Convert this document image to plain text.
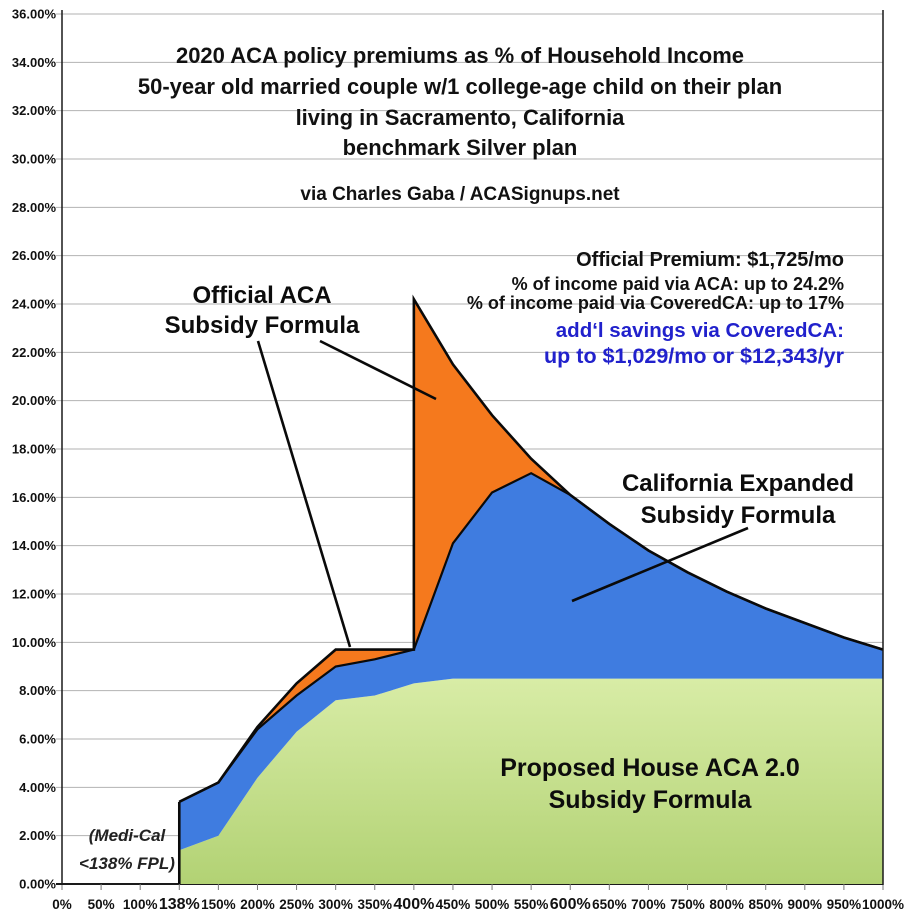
0.00%
2.00%
4.00%
6.00%
8.00%
10.00%
12.00%
14.00%
16.00%
18.00%
20.00%
22.00%
24.00%
26.00%
28.00%
30.00%
32.00%
34.00%
36.00%
0% 50% 100% 138% 150% 200% 250% 300% 350% 400% 450% 500% 550% 600% 650% 700% 750% 800% 850% 900% 950% 1000%
2020 ACA policy premiums as % of Household Income
50-year old married couple w/1 college-age child on their plan
living in Sacramento, California
benchmark Silver plan
via Charles Gaba / ACASignups.net
Official Premium: $1,725/mo
% of income paid via ACA: up to 24.2%
% of income paid via CoveredCA: up to 17%
add‘l savings via CoveredCA:
up to $1,029/mo or $12,343/yr
Official ACA
Subsidy Formula
California Expanded
Subsidy Formula
Proposed House ACA 2.0
Subsidy Formula
(Medi-Cal
<138% FPL)
